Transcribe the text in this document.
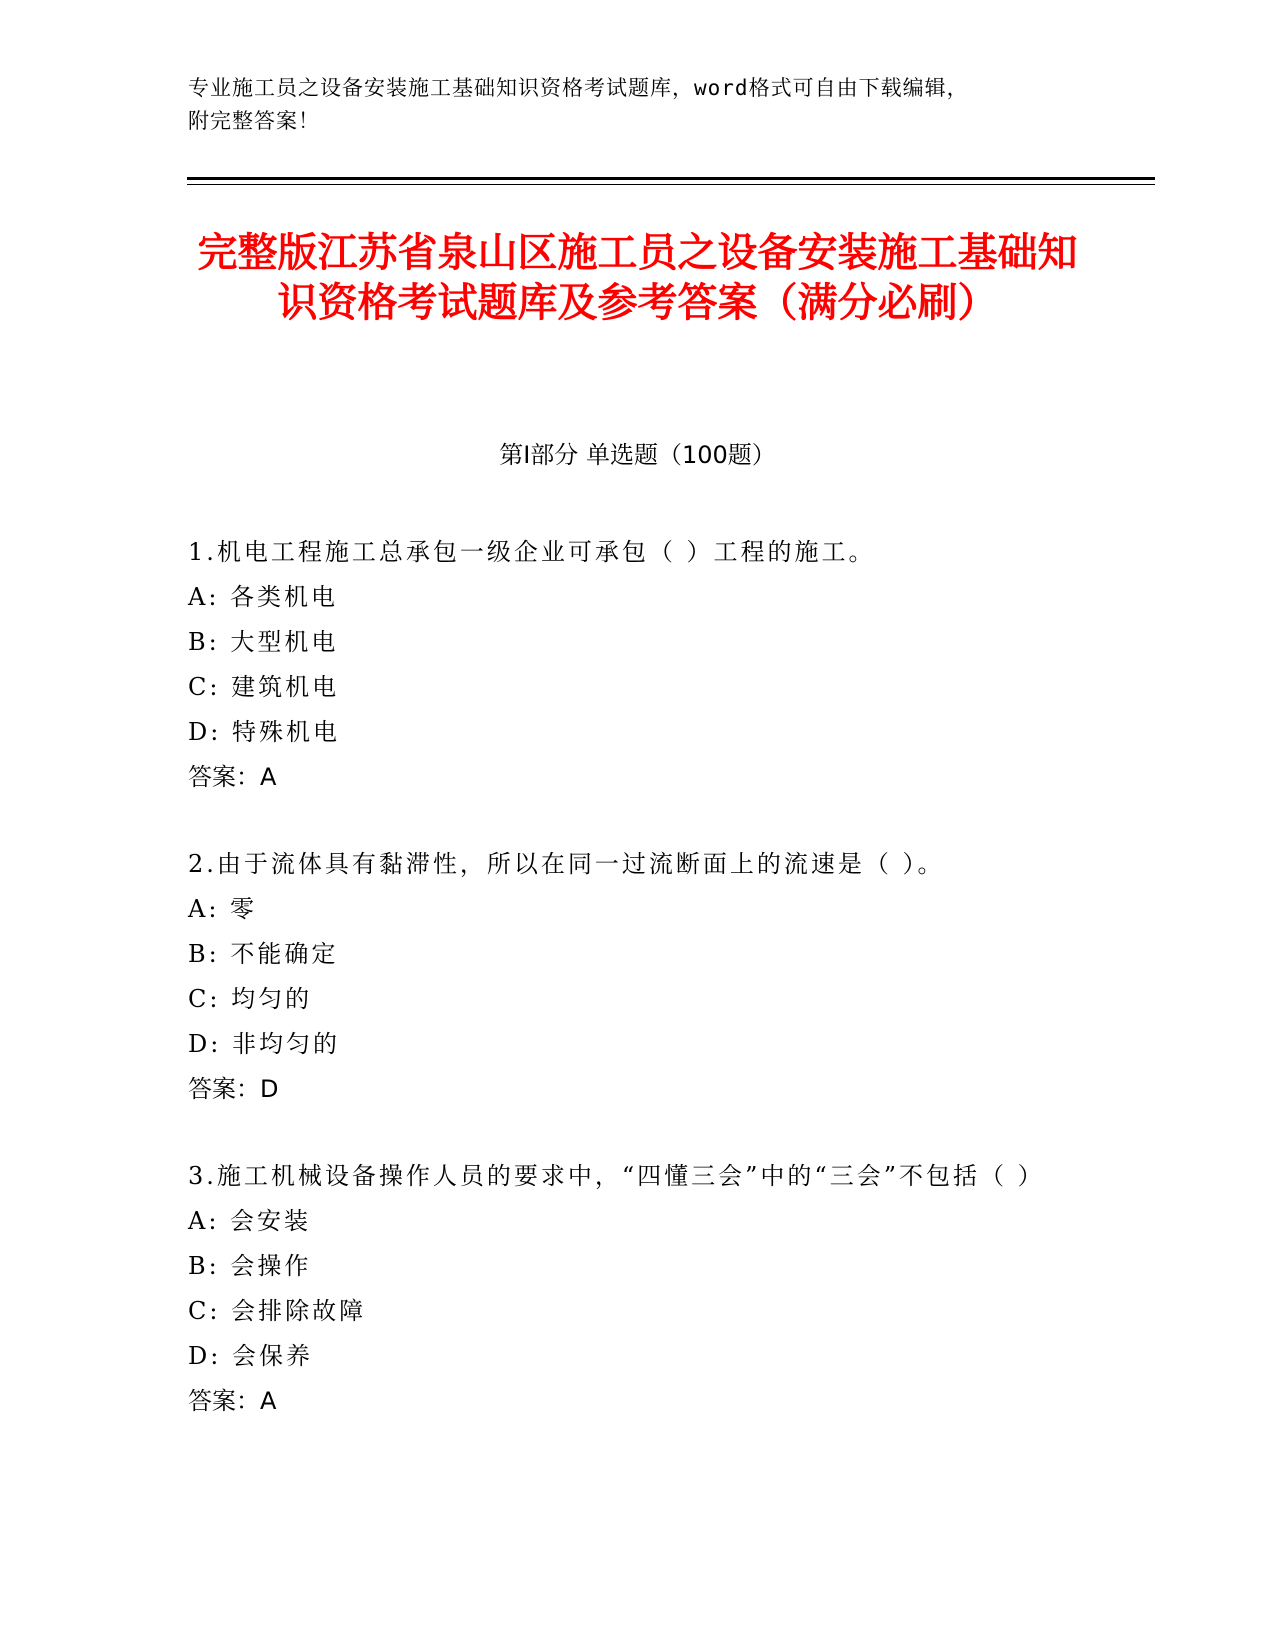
专业施工员之设备安装施工基础知识资格考试题库，word格式可自由下载编辑，
附完整答案！
完整版江苏省泉山区施工员之设备安装施工基础知识资格考试题库及参考答案（满分必刷）
第Ⅰ部分 单选题（100题）
1.机电工程施工总承包一级企业可承包（ ）工程的施工。
A: 各类机电
B: 大型机电
C: 建筑机电
D: 特殊机电
答案：A
2.由于流体具有黏滞性，所以在同一过流断面上的流速是（ ）。
A: 零
B: 不能确定
C: 均匀的
D: 非均匀的
答案：D
3.施工机械设备操作人员的要求中，“四懂三会”中的“三会”不包括（ ）
A: 会安装
B: 会操作
C: 会排除故障
D: 会保养
答案：A
